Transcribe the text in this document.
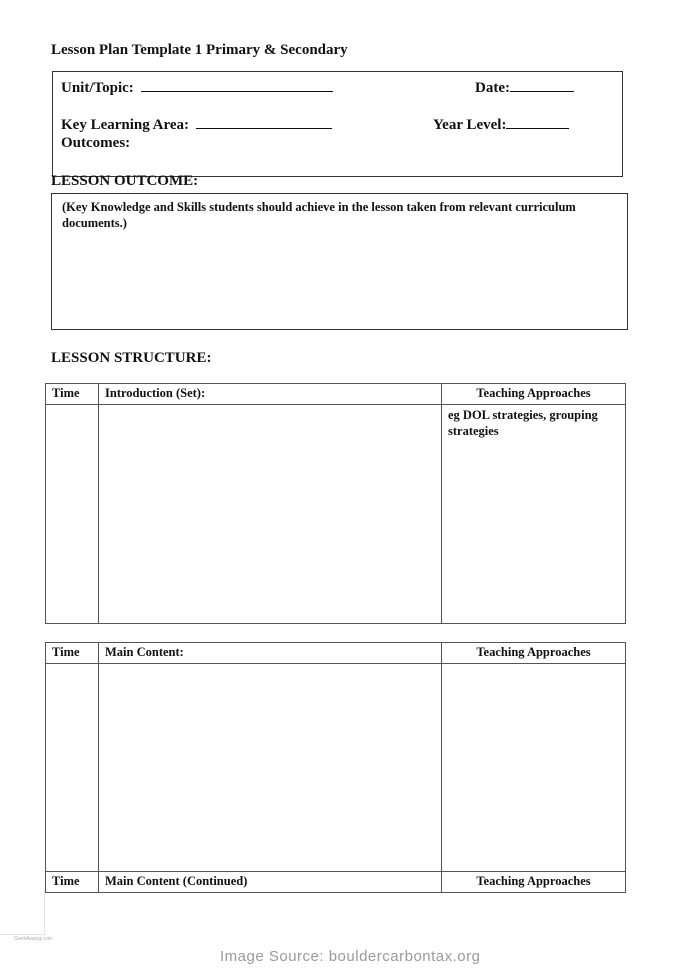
Lesson Plan Template 1 Primary & Secondary
Unit/Topic:	Date:
Key Learning Area:	Year Level:
Outcomes:
LESSON OUTCOME:
(Key Knowledge and Skills students should achieve in the lesson taken from relevant curriculum documents.)
LESSON STRUCTURE:
Time	Introduction (Set):	Teaching Approaches
		eg DOL strategies, grouping strategies
Time	Main Content:	Teaching Approaches

Time	Main Content (Continued)	Teaching Approaches
GeekAwang.com
Image Source: bouldercarbontax.org
